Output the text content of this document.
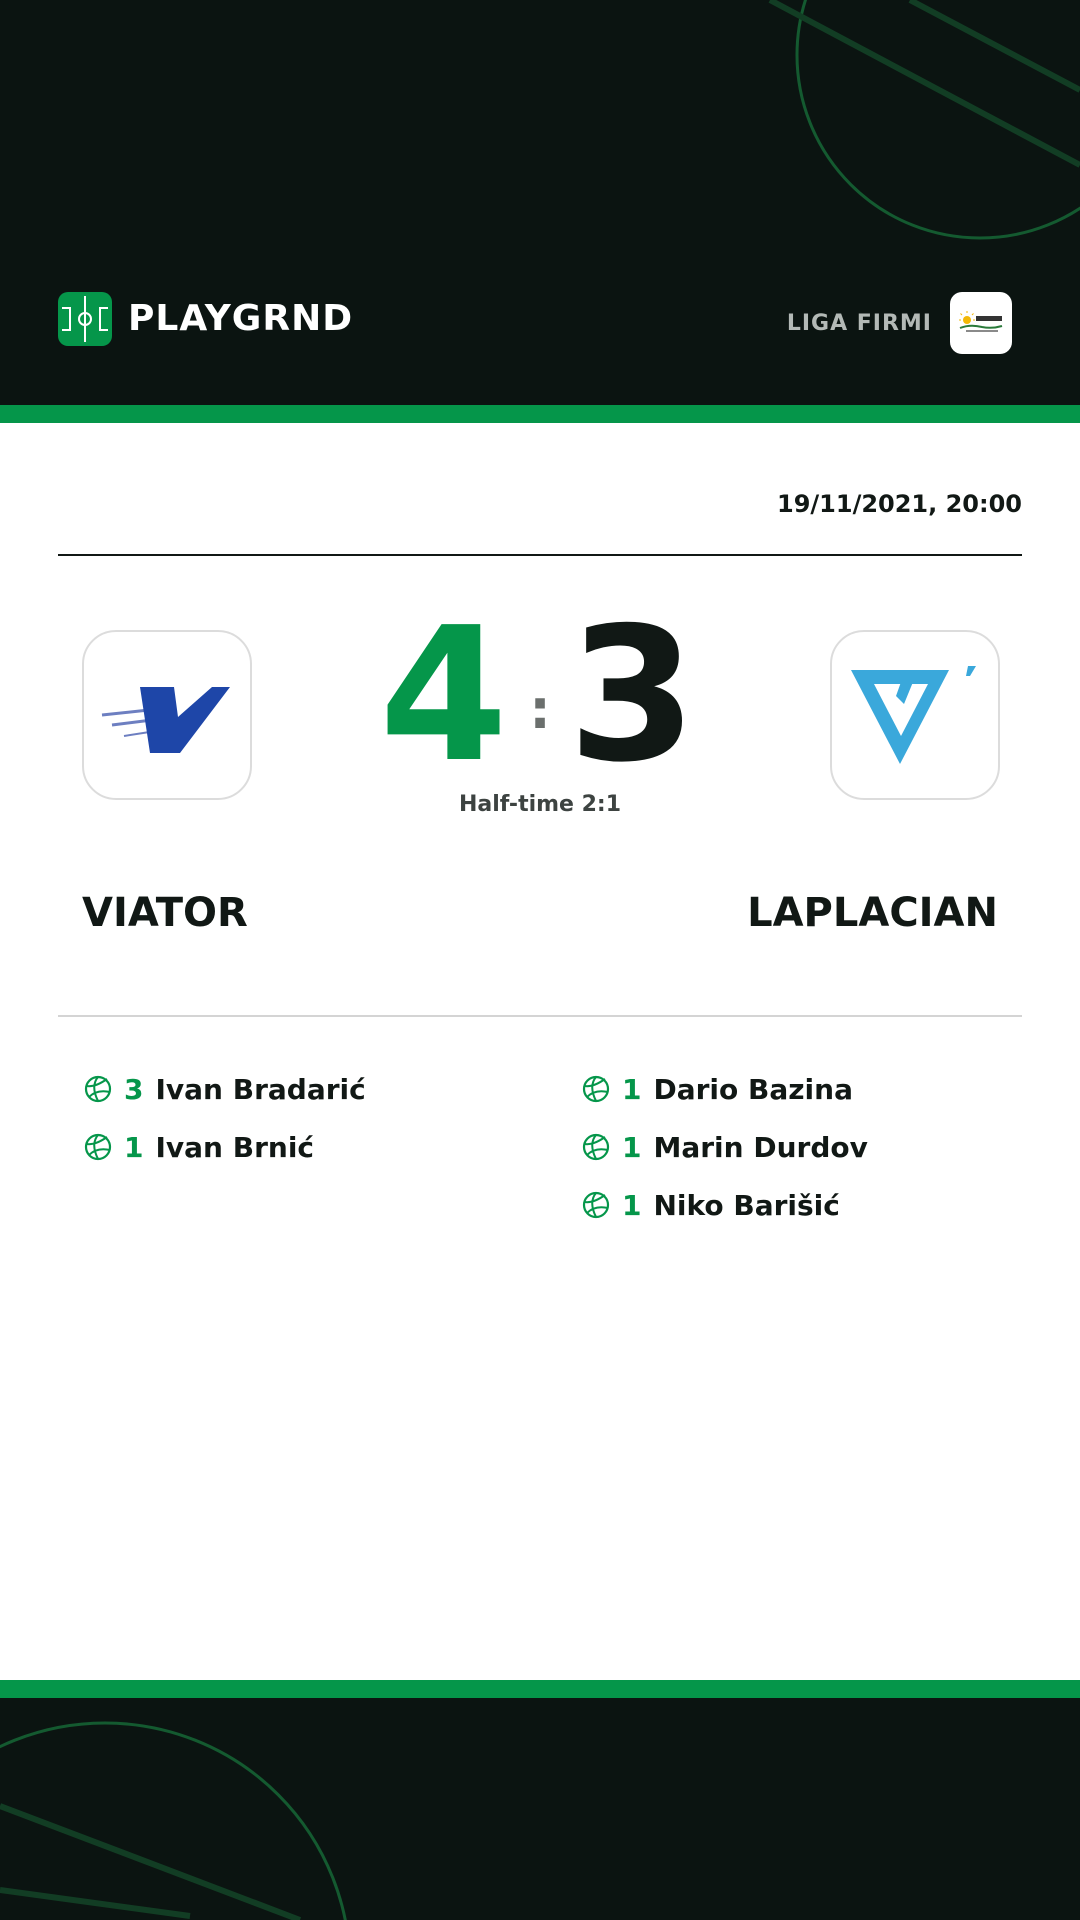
PLAYGRND	LIGA FIRMI
19/11/2021, 20:00
4 : 3
Half-time 2:1
VIATOR	LAPLACIAN
3 Ivan Bradarić
1 Ivan Brnić
1 Dario Bazina
1 Marin Durdov
1 Niko Barišić
